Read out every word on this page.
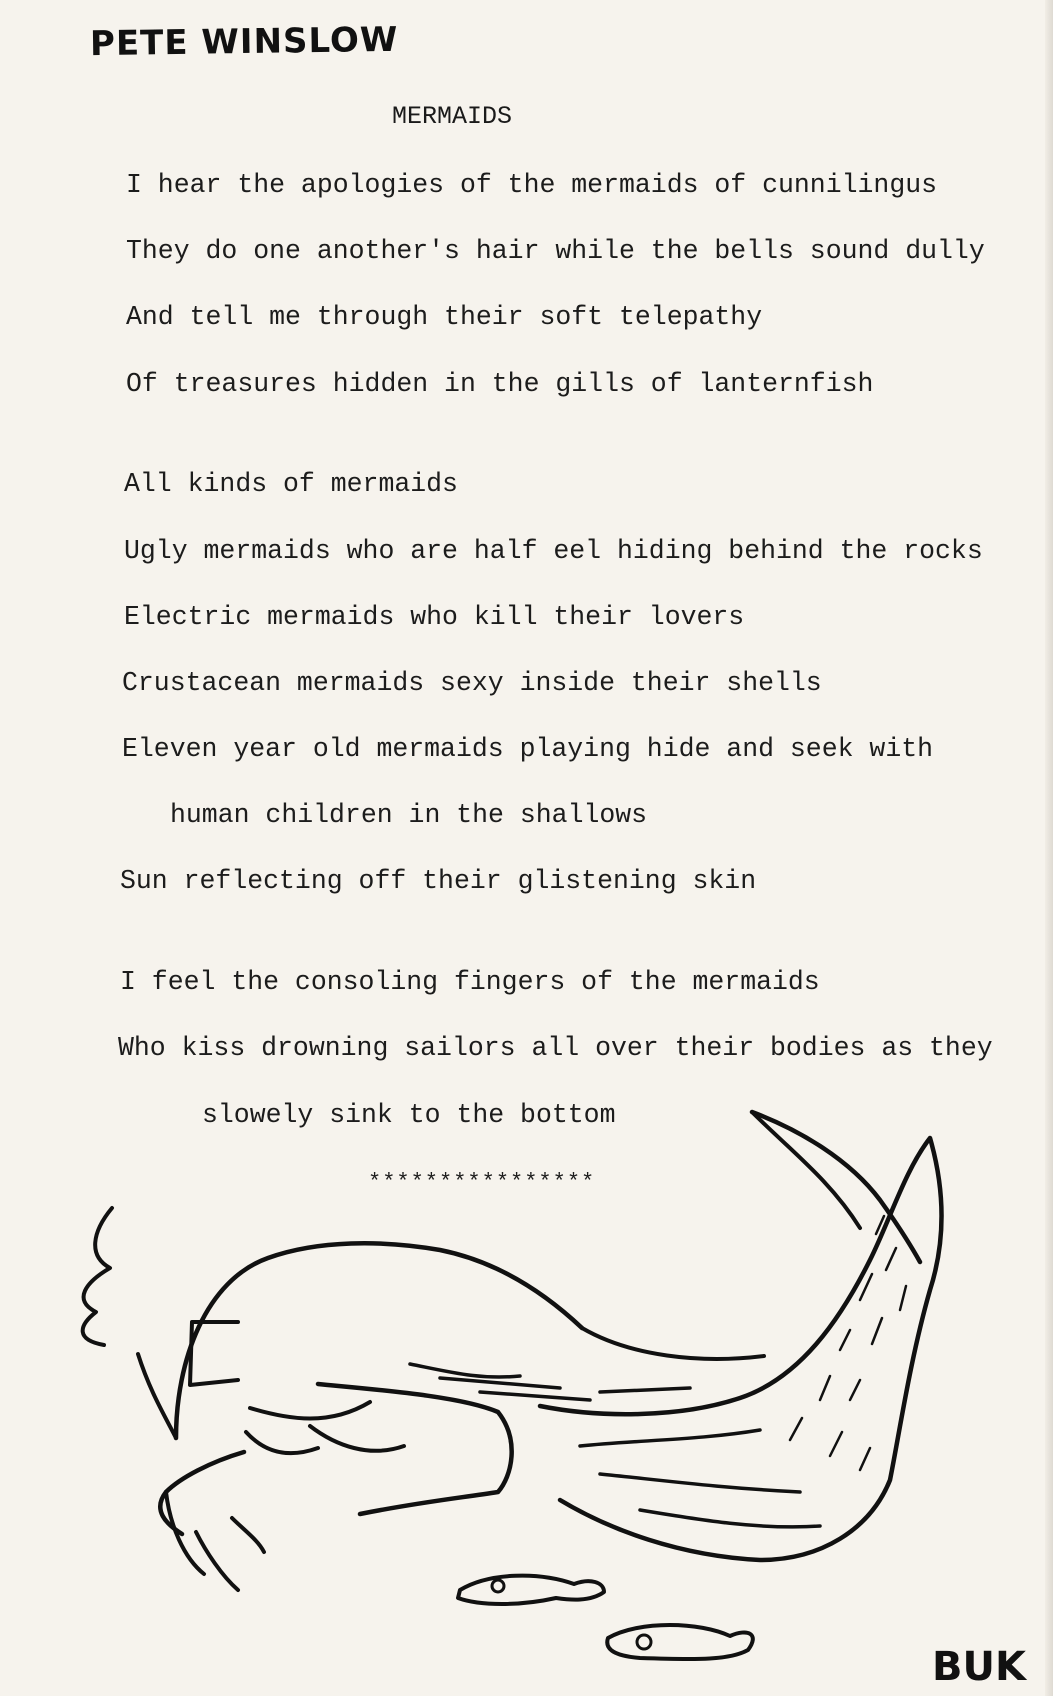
PETE WINSLOW
MERMAIDS
I hear the apologies of the mermaids of cunnilingus
They do one another's hair while the bells sound dully
And tell me through their soft telepathy
Of treasures hidden in the gills of lanternfish
All kinds of mermaids
Ugly mermaids who are half eel hiding behind the rocks
Electric mermaids who kill their lovers
Crustacean mermaids sexy inside their shells
Eleven year old mermaids playing hide and seek with
human children in the shallows
Sun reflecting off their glistening skin
I feel the consoling fingers of the mermaids
Who kiss drowning sailors all over their bodies as they
slowely sink to the bottom
****************
BUK
